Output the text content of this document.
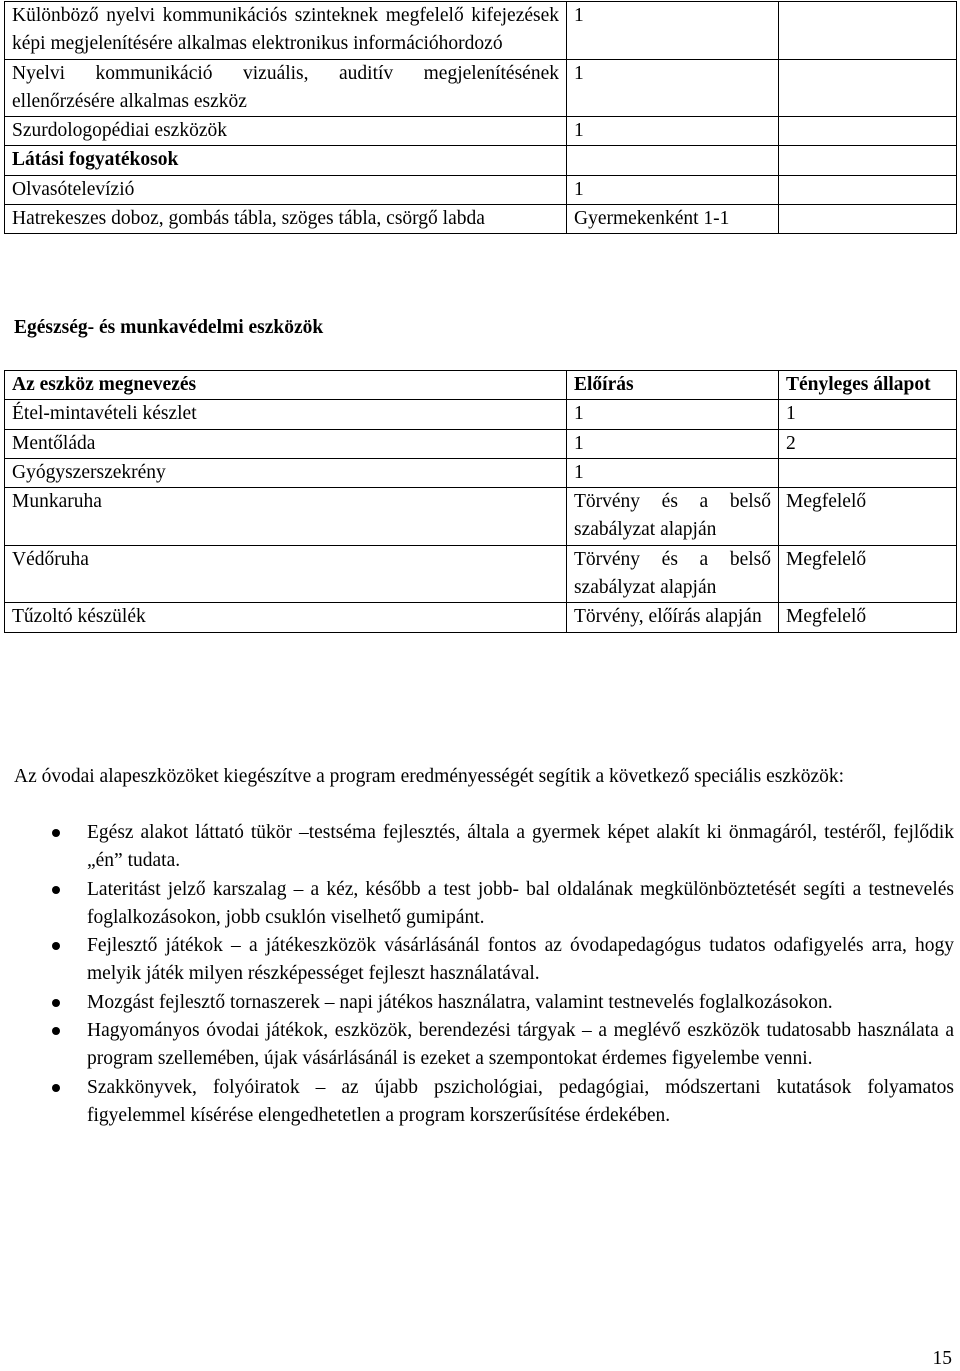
Különböző nyelvi kommunikációs szinteknek megfelelő kifejezések képi megjelenítésére alkalmas elektronikus információhordozó	1	
Nyelvi kommunikáció vizuális, auditív megjelenítésének ellenőrzésére alkalmas eszköz	1	
Szurdologopédiai eszközök	1	
Látási fogyatékosok		
Olvasótelevízió	1	
Hatrekeszes doboz, gombás tábla, szöges tábla, csörgő labda	Gyermekenként 1-1	

Egészség- és munkavédelmi eszközök

Az eszköz megnevezés	Előírás	Tényleges állapot
Étel-mintavételi készlet	1	1
Mentőláda	1	2
Gyógyszerszekrény	1	
Munkaruha	Törvény és a belső szabályzat alapján	Megfelelő
Védőruha	Törvény és a belső szabályzat alapján	Megfelelő
Tűzoltó készülék	Törvény, előírás alapján	Megfelelő

Az óvodai alapeszközöket kiegészítve a program eredményességét segítik a következő speciális eszközök:

Egész alakot láttató tükör –testséma fejlesztés, általa a gyermek képet alakít ki önmagáról, testéről, fejlődik „én” tudata.
Lateritást jelző karszalag – a kéz, később a test jobb- bal oldalának megkülönböztetését segíti a testnevelés foglalkozásokon, jobb csuklón viselhető gumipánt.
Fejlesztő játékok – a játékeszközök vásárlásánál fontos az óvodapedagógus tudatos odafigyelés arra, hogy melyik játék milyen részképességet fejleszt használatával.
Mozgást fejlesztő tornaszerek – napi játékos használatra, valamint testnevelés foglalkozásokon.
Hagyományos óvodai játékok, eszközök, berendezési tárgyak – a meglévő eszközök tudatosabb használata a program szellemében, újak vásárlásánál is ezeket a szempontokat érdemes figyelembe venni.
Szakkönyvek, folyóiratok – az újabb pszichológiai, pedagógiai, módszertani kutatások folyamatos figyelemmel kísérése elengedhetetlen a program korszerűsítése érdekében.
15
